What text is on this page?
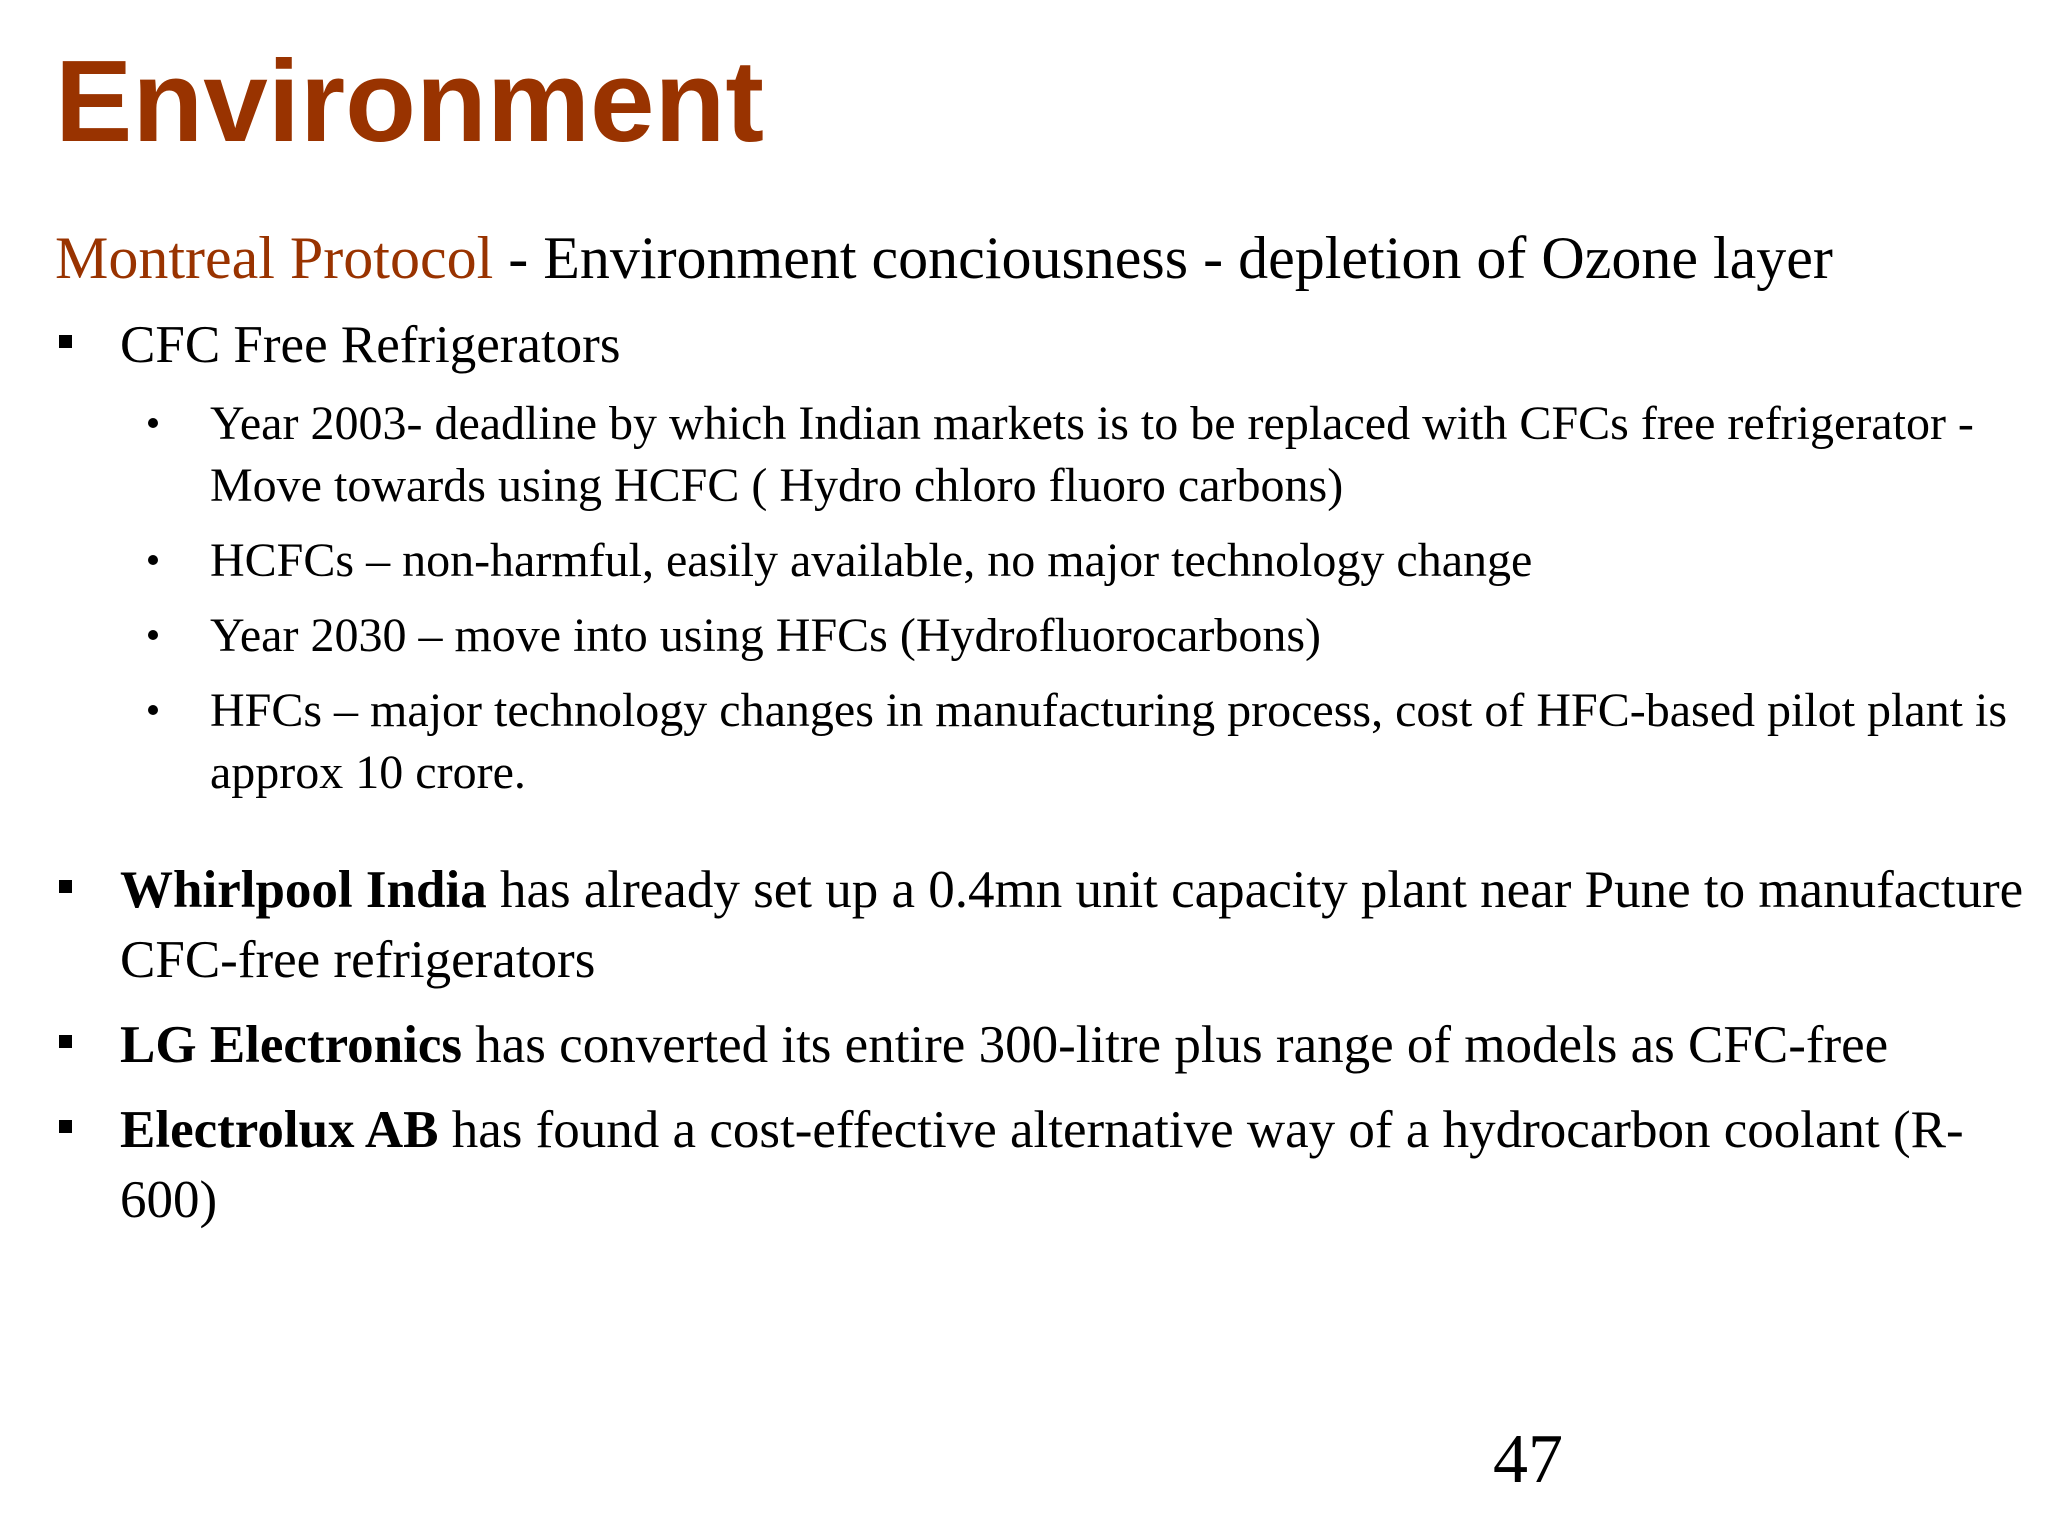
Environment
Montreal Protocol - Environment conciousness - depletion of Ozone layer
CFC Free Refrigerators
Year 2003- deadline by which Indian markets is to be replaced with CFCs free refrigerator -Move towards using HCFC ( Hydro chloro fluoro carbons)
HCFCs – non-harmful, easily available, no major technology change
Year 2030 – move into using HFCs (Hydrofluorocarbons)
HFCs – major technology changes in manufacturing process, cost of HFC-based pilot plant is approx 10 crore.
Whirlpool India has already set up a 0.4mn unit capacity plant near Pune to manufacture CFC-free refrigerators
LG Electronics has converted its entire 300-litre plus range of models as CFC-free
Electrolux AB has found a cost-effective alternative way of a hydrocarbon coolant (R-600)
47
